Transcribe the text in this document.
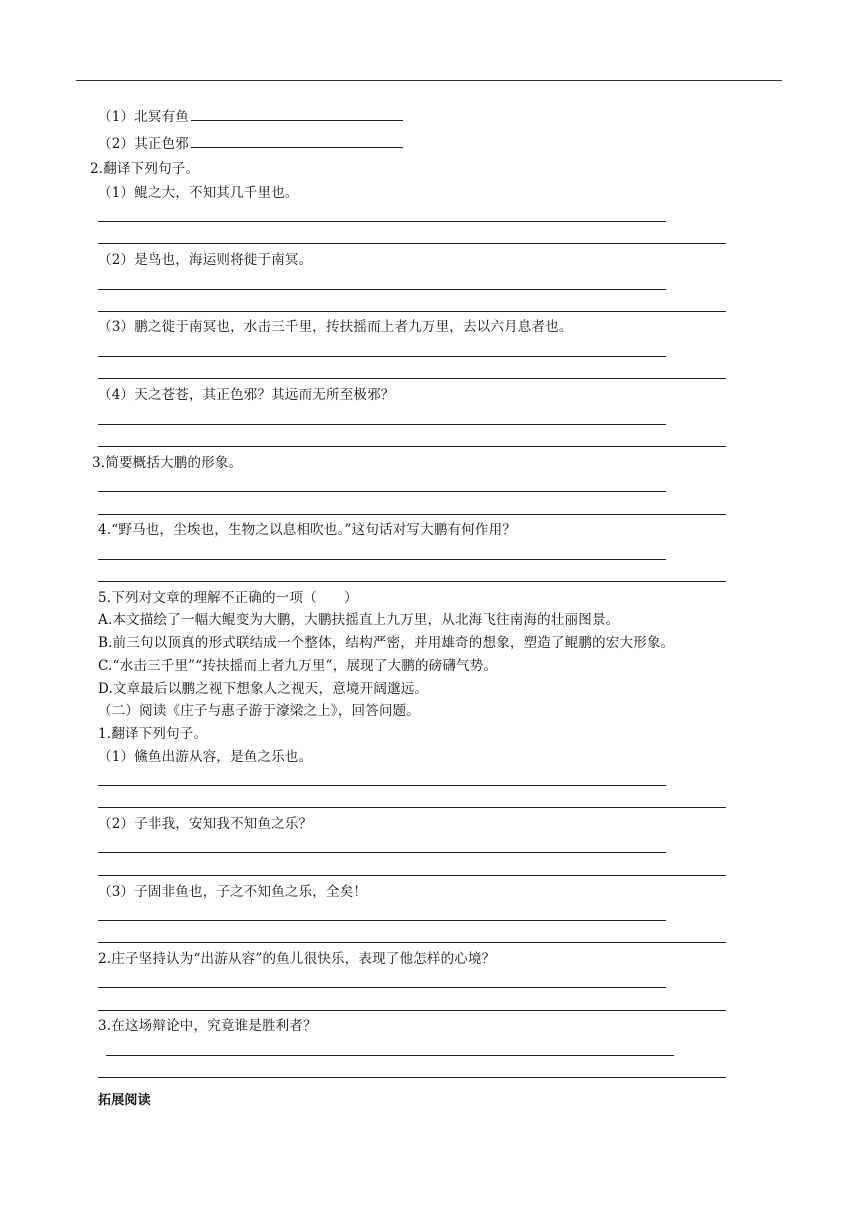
（1）北冥有鱼
（2）其正色邪
2.翻译下列句子。
（1）鲲之大，不知其几千里也。
（2）是鸟也，海运则将徙于南冥。
（3）鹏之徙于南冥也，水击三千里，抟扶摇而上者九万里，去以六月息者也。
（4）天之苍苍，其正色邪？其远而无所至极邪？
3.简要概括大鹏的形象。
4.“野马也，尘埃也，生物之以息相吹也。”这句话对写大鹏有何作用？
5.下列对文章的理解不正确的一项（　　）
A.本文描绘了一幅大鲲变为大鹏，大鹏扶摇直上九万里，从北海飞往南海的壮丽图景。
B.前三句以顶真的形式联结成一个整体，结构严密，并用雄奇的想象，塑造了鲲鹏的宏大形象。
C.“水击三千里”“抟扶摇而上者九万里”，展现了大鹏的磅礴气势。
D.文章最后以鹏之视下想象人之视天，意境开阔邈远。
（二）阅读《庄子与惠子游于濠梁之上》，回答问题。
1.翻译下列句子。
（1）鯈鱼出游从容，是鱼之乐也。
（2）子非我，安知我不知鱼之乐？
（3）子固非鱼也，子之不知鱼之乐，全矣！
2.庄子坚持认为“出游从容”的鱼儿很快乐，表现了他怎样的心境？
3.在这场辩论中，究竟谁是胜利者？
拓展阅读
